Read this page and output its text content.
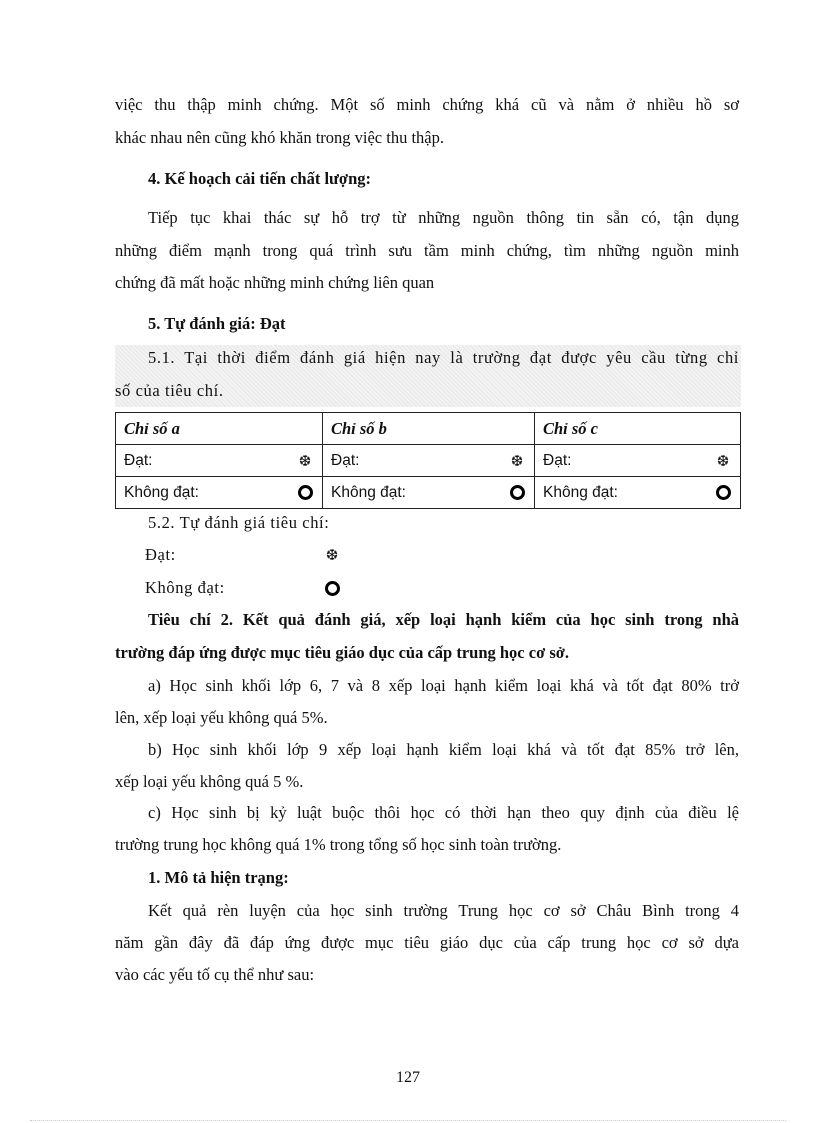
việc thu thập minh chứng. Một số minh chứng khá cũ và nằm ở nhiều hồ sơ
khác nhau nên cũng khó khăn trong việc thu thập.
4. Kế hoạch cải tiến chất lượng:
Tiếp tục khai thác sự hỗ trợ từ những nguồn thông tin sẵn có, tận dụng
những điểm mạnh trong quá trình sưu tầm minh chứng, tìm những nguồn minh
chứng đã mất hoặc những minh chứng liên quan
5. Tự đánh giá: Đạt
5.1. Tại thời điểm đánh giá hiện nay là trường đạt được yêu cầu từng chỉ
số của tiêu chí.
Chỉ số a	Chỉ số b	Chỉ số c

Đạt: ❆	Đạt: ❆	Đạt: ❆

Không đạt:	Không đạt:	Không đạt:
5.2. Tự đánh giá tiêu chí:
Đạt:	❆
Không đạt:
Tiêu chí 2. Kết quả đánh giá, xếp loại hạnh kiểm của học sinh trong nhà
trường đáp ứng được mục tiêu giáo dục của cấp trung học cơ sở.
a) Học sinh khối lớp 6, 7 và 8 xếp loại hạnh kiểm loại khá và tốt đạt 80% trở
lên, xếp loại yếu không quá 5%.
b) Học sinh khối lớp 9 xếp loại hạnh kiểm loại khá và tốt đạt 85% trở lên,
xếp loại yếu không quá 5 %.
c) Học sinh bị kỷ luật buộc thôi học có thời hạn theo quy định của điều lệ
trường trung học không quá 1% trong tổng số học sinh toàn trường.
1. Mô tả hiện trạng:
Kết quả rèn luyện của học sinh trường Trung học cơ sở Châu Bình trong 4
năm gần đây đã đáp ứng được mục tiêu giáo dục của cấp trung học cơ sở dựa
vào các yếu tố cụ thể như sau:
127
